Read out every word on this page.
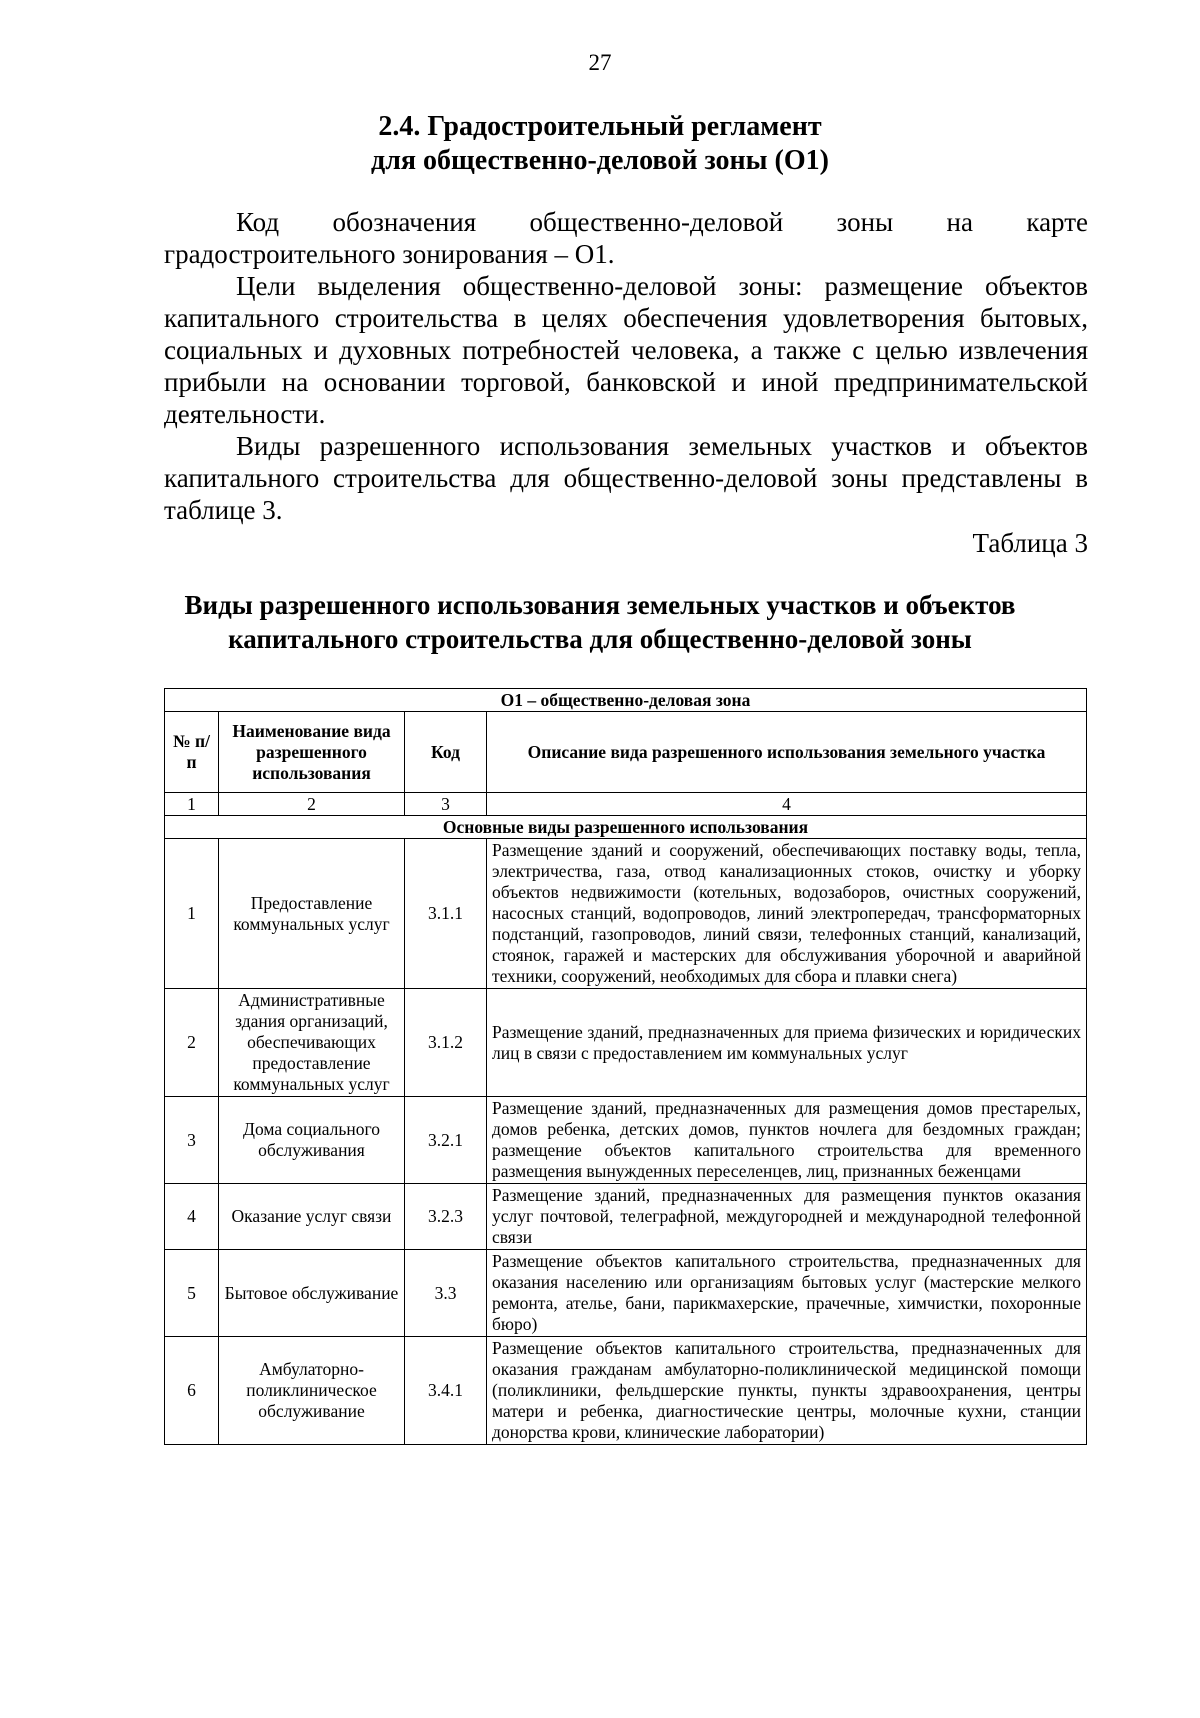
27
2.4. Градостроительный регламент
для общественно-деловой зоны (О1)

Код обозначения общественно-деловой зоны на карте градостроительного зонирования – О1.

Цели выделения общественно-деловой зоны: размещение объектов капитального строительства в целях обеспечения удовлетворения бытовых, социальных и духовных потребностей человека, а также с целью извлечения прибыли на основании торговой, банковской и иной предпринимательской деятельности.

Виды разрешенного использования земельных участков и объектов капитального строительства для общественно-деловой зоны представлены в таблице 3.

Таблица 3
Виды разрешенного использования земельных участков и объектов
капитального строительства для общественно-деловой зоны
О1 – общественно-деловая зона			
№ п/п	Наименование вида разрешенного использования	Код	Описание вида разрешенного использования земельного участка
1	2	3	4
Основные виды разрешенного использования			
1	Предоставление коммунальных услуг	3.1.1	Размещение зданий и сооружений, обеспечивающих поставку воды, тепла, электричества, газа, отвод канализационных стоков, очистку и уборку объектов недвижимости (котельных, водозаборов, очистных сооружений, насосных станций, водопроводов, линий электропередач, трансформаторных подстанций, газопроводов, линий связи, телефонных станций, канализаций, стоянок, гаражей и мастерских для обслуживания уборочной и аварийной техники, сооружений, необходимых для сбора и плавки снега)
2	Административные здания организаций, обеспечивающих предоставление коммунальных услуг	3.1.2	Размещение зданий, предназначенных для приема физических и юридических лиц в связи с предоставлением им коммунальных услуг
3	Дома социального обслуживания	3.2.1	Размещение зданий, предназначенных для размещения домов престарелых, домов ребенка, детских домов, пунктов ночлега для бездомных граждан; размещение объектов капитального строительства для временного размещения вынужденных переселенцев, лиц, признанных беженцами
4	Оказание услуг связи	3.2.3	Размещение зданий, предназначенных для размещения пунктов оказания услуг почтовой, телеграфной, междугородней и международной телефонной связи
5	Бытовое обслуживание	3.3	Размещение объектов капитального строительства, предназначенных для оказания населению или организациям бытовых услуг (мастерские мелкого ремонта, ателье, бани, парикмахерские, прачечные, химчистки, похоронные бюро)
6	Амбулаторно-поликлиническое обслуживание	3.4.1	Размещение объектов капитального строительства, предназначенных для оказания гражданам амбулаторно-поликлинической медицинской помощи (поликлиники, фельдшерские пункты, пункты здравоохранения, центры матери и ребенка, диагностические центры, молочные кухни, станции донорства крови, клинические лаборатории)
